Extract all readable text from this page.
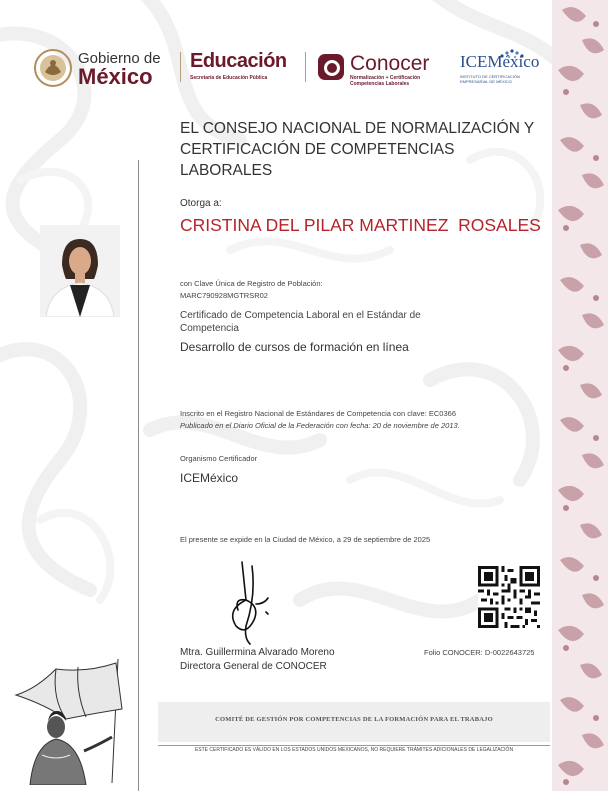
Gobierno de
México
Educación
Secretaría de Educación Pública
Conocer
Normalización + Certificación Competencias Laborales
ICEMéxico
INSTITUTO DE CERTIFICACIÓN EMPRESARIAL DE MÉXICO
EL CONSEJO NACIONAL DE NORMALIZACIÓN Y CERTIFICACIÓN DE COMPETENCIAS LABORALES
Otorga a:
CRISTINA DEL PILAR MARTINEZ  ROSALES
con Clave Única de Registro de Población:
MARC790928MGTRSR02
Certificado de Competencia Laboral en el Estándar de Competencia
Desarrollo de cursos de formación en línea
Inscrito en el Registro Nacional de Estándares de Competencia con clave: EC0366
Publicado en el Diario Oficial de la Federación con fecha: 20 de noviembre de 2013.
Organismo Certificador
ICEMéxico
El presente se expide en la Ciudad de México, a 29 de septiembre de 2025
Mtra. Guillermina Alvarado Moreno
Directora General de CONOCER
Folio CONOCER: D-0022643725
COMITÉ DE GESTIÓN POR COMPETENCIAS DE LA FORMACIÓN PARA EL TRABAJO
ESTE CERTIFICADO ES VÁLIDO EN LOS ESTADOS UNIDOS MEXICANOS, NO REQUIERE TRÁMITES ADICIONALES DE LEGALIZACIÓN
